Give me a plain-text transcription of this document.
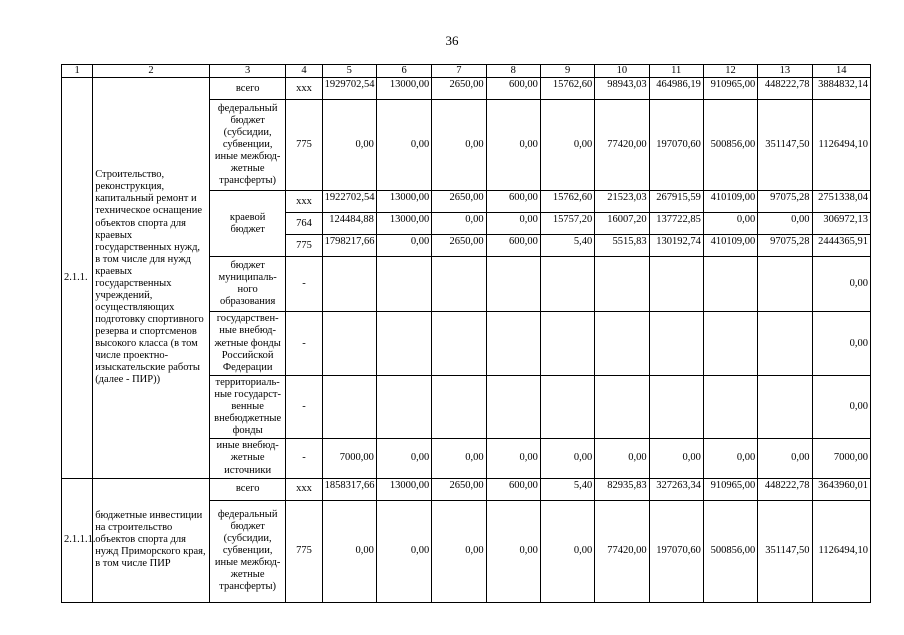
36
1	2	3	4	5	6	7	8	9	10	11	12	13	14
2.1.1.	Строительство, реконструкция, капитальный ремонт и техническое оснащение объектов спорта для краевых государственных нужд, в том числе для нужд краевых государственных учреждений, осуществляющих подготовку спортивного резерва и спортсменов высокого класса (в том числе проектно-изыскательские работы (далее - ПИР))	всего	ххх	1929702,54	13000,00	2650,00	600,00	15762,60	98943,03	464986,19	910965,00	448222,78	3884832,14
		федеральный бюджет (субсидии, субвенции, иные межбюд-жетные трансферты)	775	0,00	0,00	0,00	0,00	0,00	77420,00	197070,60	500856,00	351147,50	1126494,10
		краевой бюджет	ххх	1922702,54	13000,00	2650,00	600,00	15762,60	21523,03	267915,59	410109,00	97075,28	2751338,04
			764	124484,88	13000,00	0,00	0,00	15757,20	16007,20	137722,85	0,00	0,00	306972,13
			775	1798217,66	0,00	2650,00	600,00	5,40	5515,83	130192,74	410109,00	97075,28	2444365,91
		бюджет муниципаль-ного образования	-										0,00
		государствен-ные внебюд-жетные фонды Российской Федерации	-										0,00
		территориаль-ные государст-венные внебюджетные фонды	-										0,00
		иные внебюд-жетные источники	-	7000,00	0,00	0,00	0,00	0,00	0,00	0,00	0,00	0,00	7000,00
2.1.1.1.	бюджетные инвестиции на строительство объектов спорта для нужд Приморского края, в том числе ПИР	всего	ххх	1858317,66	13000,00	2650,00	600,00	5,40	82935,83	327263,34	910965,00	448222,78	3643960,01
		федеральный бюджет (субсидии, субвенции, иные межбюд-жетные трансферты)	775	0,00	0,00	0,00	0,00	0,00	77420,00	197070,60	500856,00	351147,50	1126494,10
